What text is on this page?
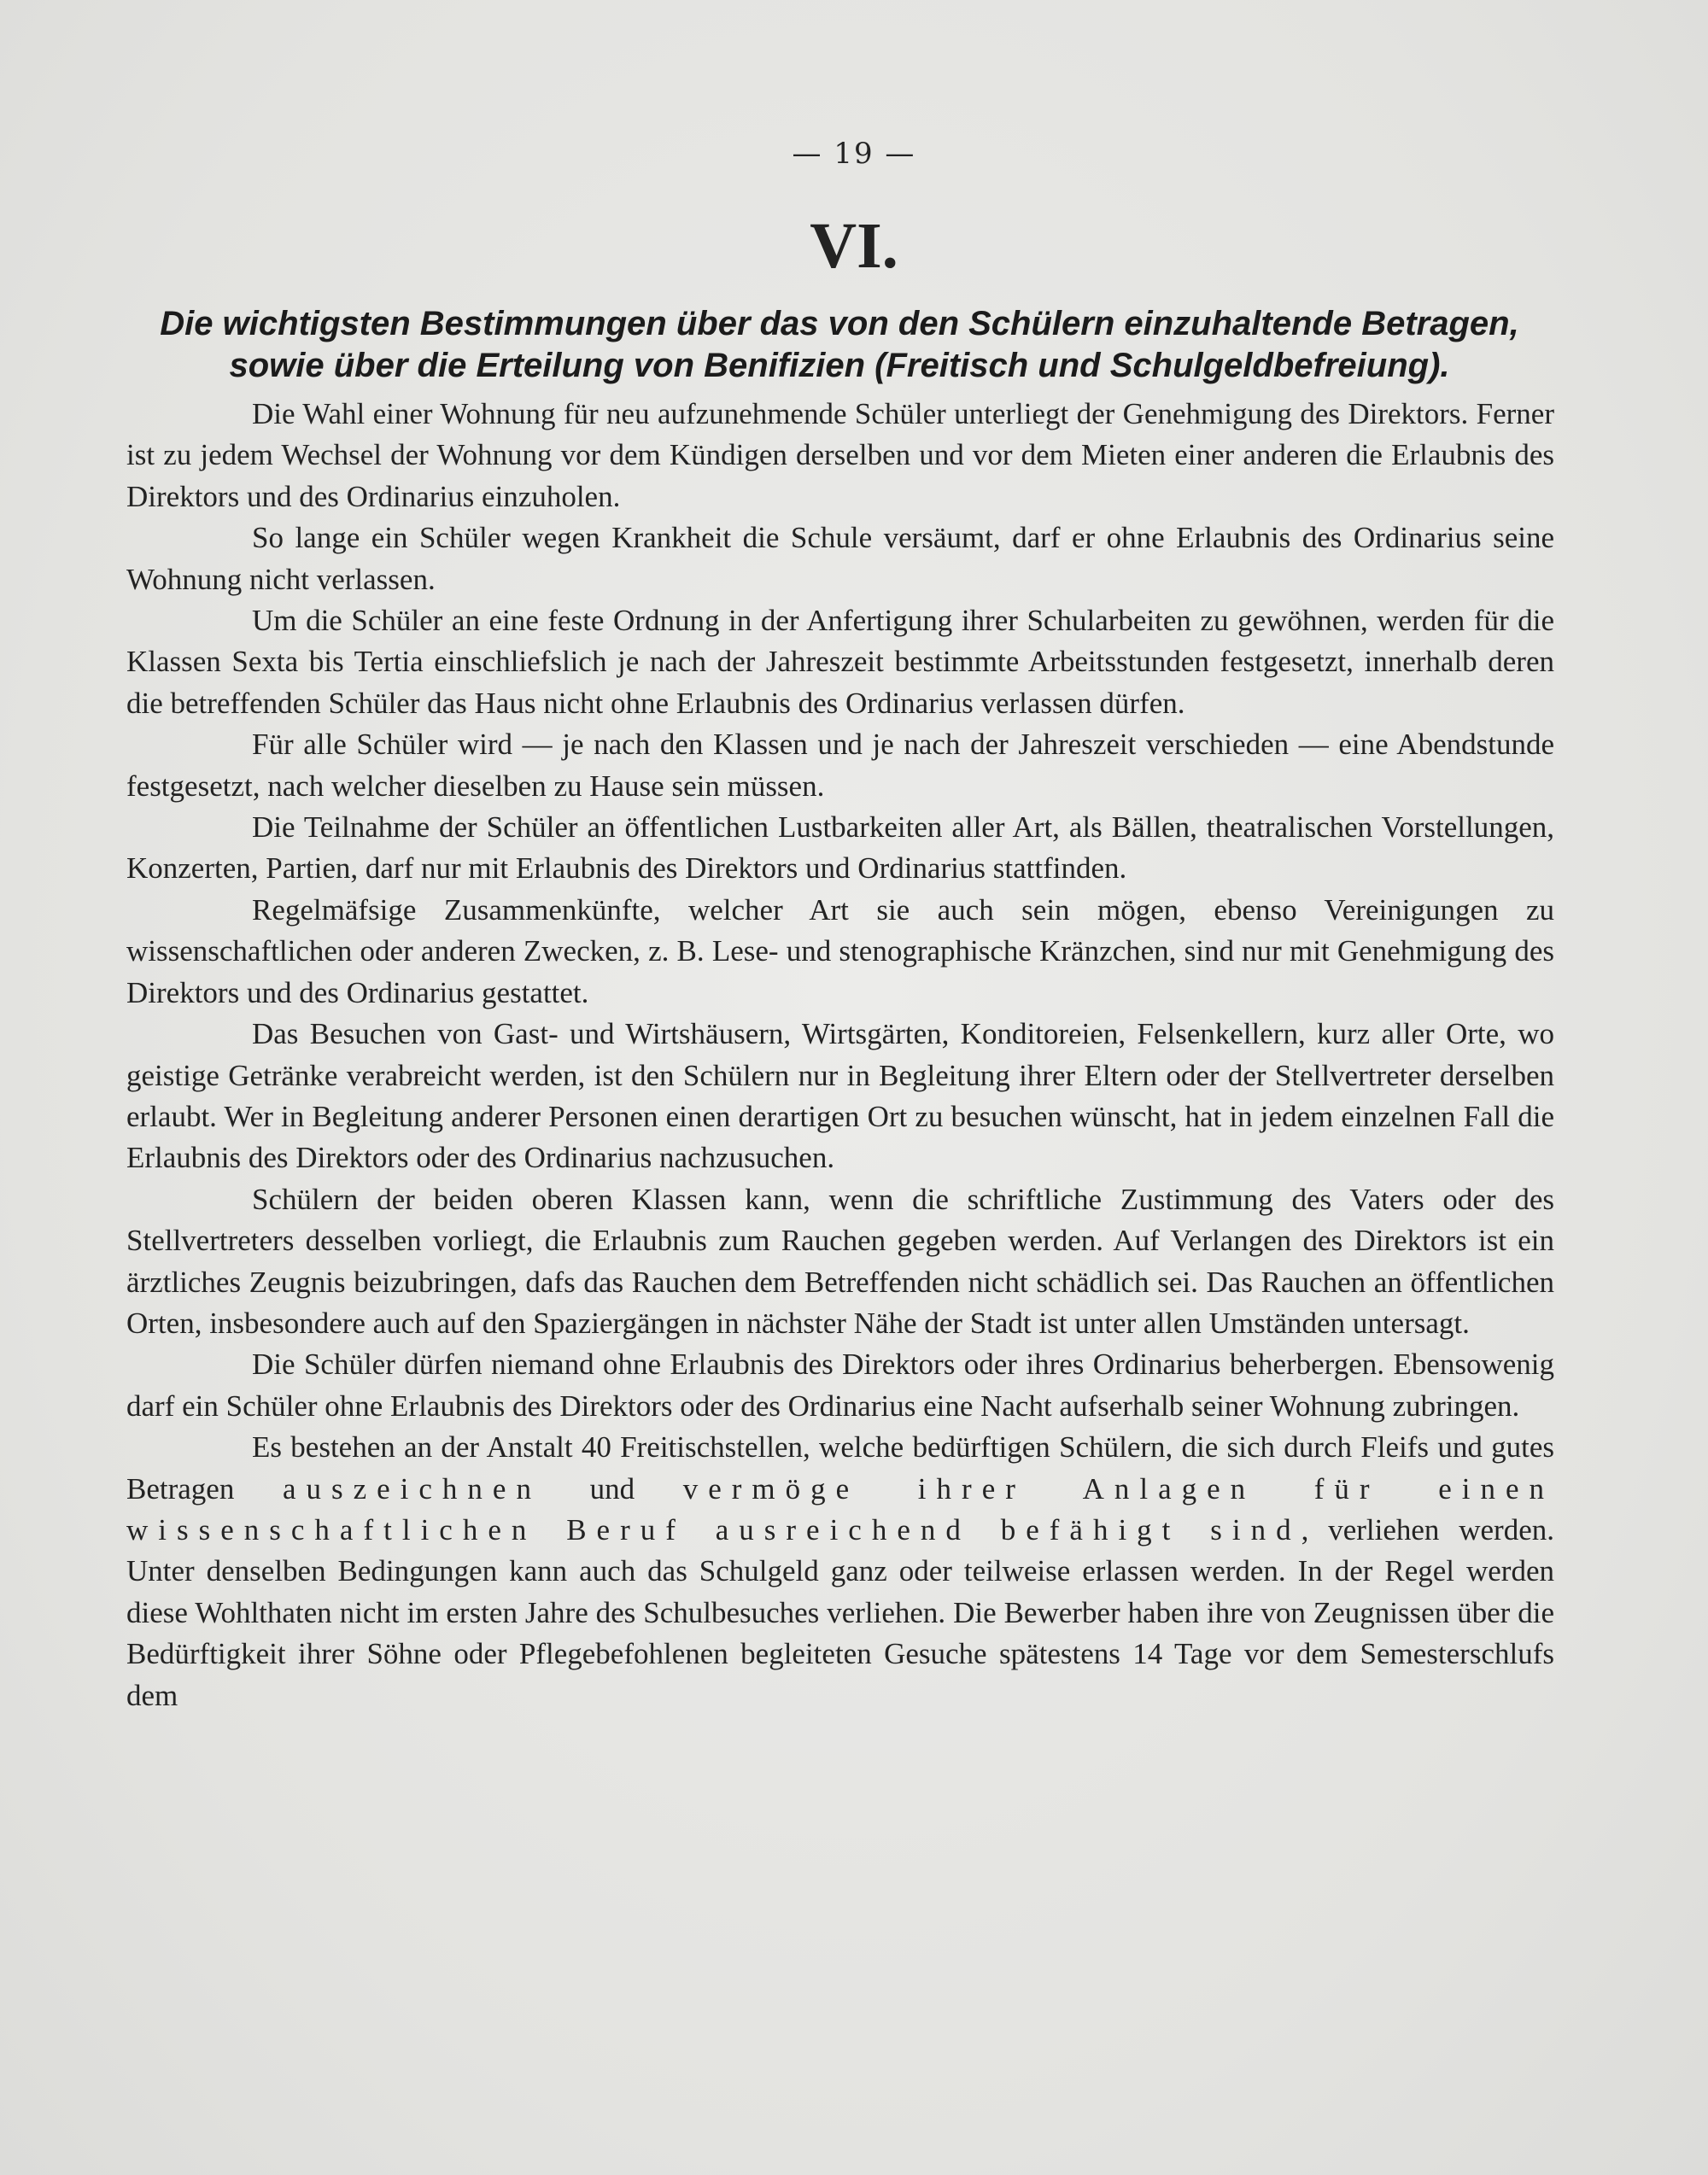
— 19 —
VI.
Die wichtigsten Bestimmungen über das von den Schülern einzuhaltende Betragen,
sowie über die Erteilung von Benifizien (Freitisch und Schulgeldbefreiung).

Die Wahl einer Wohnung für neu aufzunehmende Schüler unterliegt der Genehmigung des Direktors. Ferner ist zu jedem Wechsel der Wohnung vor dem Kündigen derselben und vor dem Mieten einer anderen die Erlaubnis des Direktors und des Ordinarius einzuholen.

So lange ein Schüler wegen Krankheit die Schule versäumt, darf er ohne Erlaubnis des Ordinarius seine Wohnung nicht verlassen.

Um die Schüler an eine feste Ordnung in der Anfertigung ihrer Schularbeiten zu gewöhnen, werden für die Klassen Sexta bis Tertia einschliefslich je nach der Jahreszeit bestimmte Arbeitsstunden festgesetzt, innerhalb deren die betreffenden Schüler das Haus nicht ohne Erlaubnis des Ordinarius verlassen dürfen.

Für alle Schüler wird — je nach den Klassen und je nach der Jahreszeit verschieden — eine Abendstunde festgesetzt, nach welcher dieselben zu Hause sein müssen.

Die Teilnahme der Schüler an öffentlichen Lustbarkeiten aller Art, als Bällen, theatralischen Vorstellungen, Konzerten, Partien, darf nur mit Erlaubnis des Direktors und Ordinarius stattfinden.

Regelmäfsige Zusammenkünfte, welcher Art sie auch sein mögen, ebenso Vereinigungen zu wissenschaftlichen oder anderen Zwecken, z. B. Lese- und stenographische Kränzchen, sind nur mit Genehmigung des Direktors und des Ordinarius gestattet.

Das Besuchen von Gast- und Wirtshäusern, Wirtsgärten, Konditoreien, Felsenkellern, kurz aller Orte, wo geistige Getränke verabreicht werden, ist den Schülern nur in Begleitung ihrer Eltern oder der Stellvertreter derselben erlaubt. Wer in Begleitung anderer Personen einen derartigen Ort zu besuchen wünscht, hat in jedem einzelnen Fall die Erlaubnis des Direktors oder des Ordinarius nachzusuchen.

Schülern der beiden oberen Klassen kann, wenn die schriftliche Zustimmung des Vaters oder des Stellvertreters desselben vorliegt, die Erlaubnis zum Rauchen gegeben werden. Auf Verlangen des Direktors ist ein ärztliches Zeugnis beizubringen, dafs das Rauchen dem Betreffenden nicht schädlich sei. Das Rauchen an öffentlichen Orten, insbesondere auch auf den Spaziergängen in nächster Nähe der Stadt ist unter allen Umständen untersagt.

Die Schüler dürfen niemand ohne Erlaubnis des Direktors oder ihres Ordinarius beherbergen. Ebensowenig darf ein Schüler ohne Erlaubnis des Direktors oder des Ordinarius eine Nacht aufserhalb seiner Wohnung zubringen.

Es bestehen an der Anstalt 40 Freitischstellen, welche bedürftigen Schülern, die sich durch Fleifs und gutes Betragen auszeichnen und vermöge ihrer Anlagen für einen wissenschaftlichen Beruf ausreichend befähigt sind, verliehen werden. Unter denselben Bedingungen kann auch das Schulgeld ganz oder teilweise erlassen werden. In der Regel werden diese Wohlthaten nicht im ersten Jahre des Schulbesuches verliehen. Die Bewerber haben ihre von Zeugnissen über die Bedürftigkeit ihrer Söhne oder Pflegebefohlenen begleiteten Gesuche spätestens 14 Tage vor dem Semesterschlufs dem
